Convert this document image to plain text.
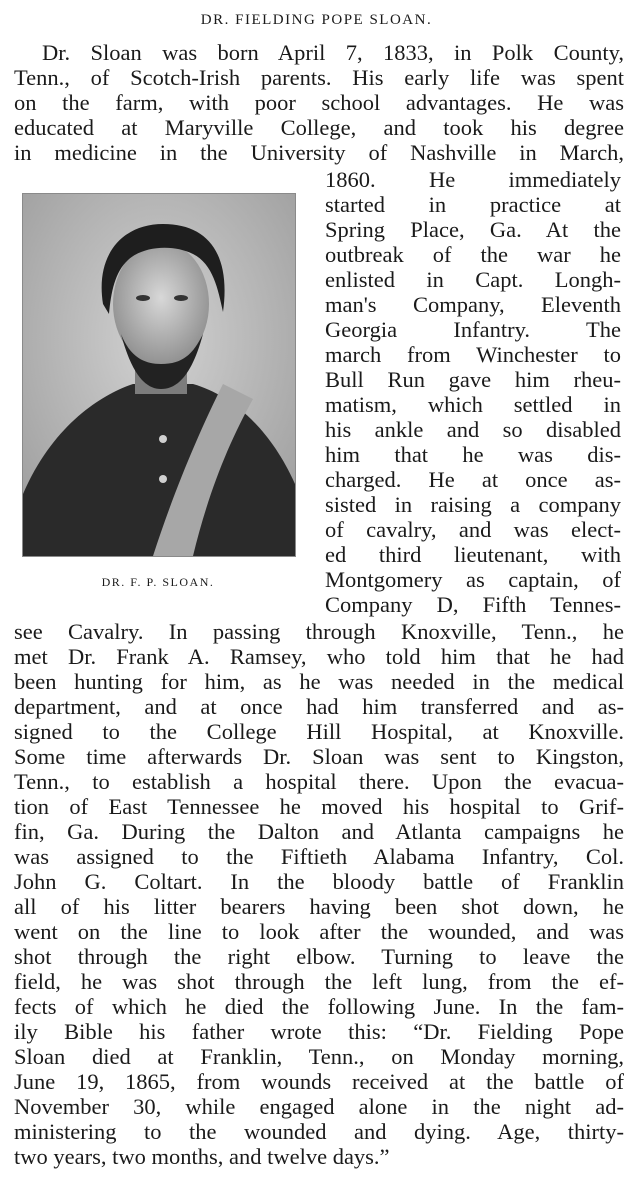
DR. FIELDING POPE SLOAN.
Dr. Sloan was born April 7, 1833, in Polk County,
Tenn., of Scotch-Irish parents. His early life was spent
on the farm, with poor school advantages. He was
educated at Maryville College, and took his degree
in medicine in the University of Nashville in March,
1860. He immediately
started in practice at
Spring Place, Ga. At the
outbreak of the war he
enlisted in Capt. Longh-
man's Company, Eleventh
Georgia Infantry. The
march from Winchester to
Bull Run gave him rheu-
matism, which settled in
his ankle and so disabled
him that he was dis-
charged. He at once as-
sisted in raising a company
of cavalry, and was elect-
ed third lieutenant, with
Montgomery as captain, of
Company D, Fifth Tennes-
see Cavalry. In passing through Knoxville, Tenn., he
met Dr. Frank A. Ramsey, who told him that he had
been hunting for him, as he was needed in the medical
department, and at once had him transferred and as-
signed to the College Hill Hospital, at Knoxville.
Some time afterwards Dr. Sloan was sent to Kingston,
Tenn., to establish a hospital there. Upon the evacua-
tion of East Tennessee he moved his hospital to Grif-
fin, Ga. During the Dalton and Atlanta campaigns he
was assigned to the Fiftieth Alabama Infantry, Col.
John G. Coltart. In the bloody battle of Franklin
all of his litter bearers having been shot down, he
went on the line to look after the wounded, and was
shot through the right elbow. Turning to leave the
field, he was shot through the left lung, from the ef-
fects of which he died the following June. In the fam-
ily Bible his father wrote this: “Dr. Fielding Pope
Sloan died at Franklin, Tenn., on Monday morning,
June 19, 1865, from wounds received at the battle of
November 30, while engaged alone in the night ad-
ministering to the wounded and dying. Age, thirty-
two years, two months, and twelve days.”
DR. F. P. SLOAN.
